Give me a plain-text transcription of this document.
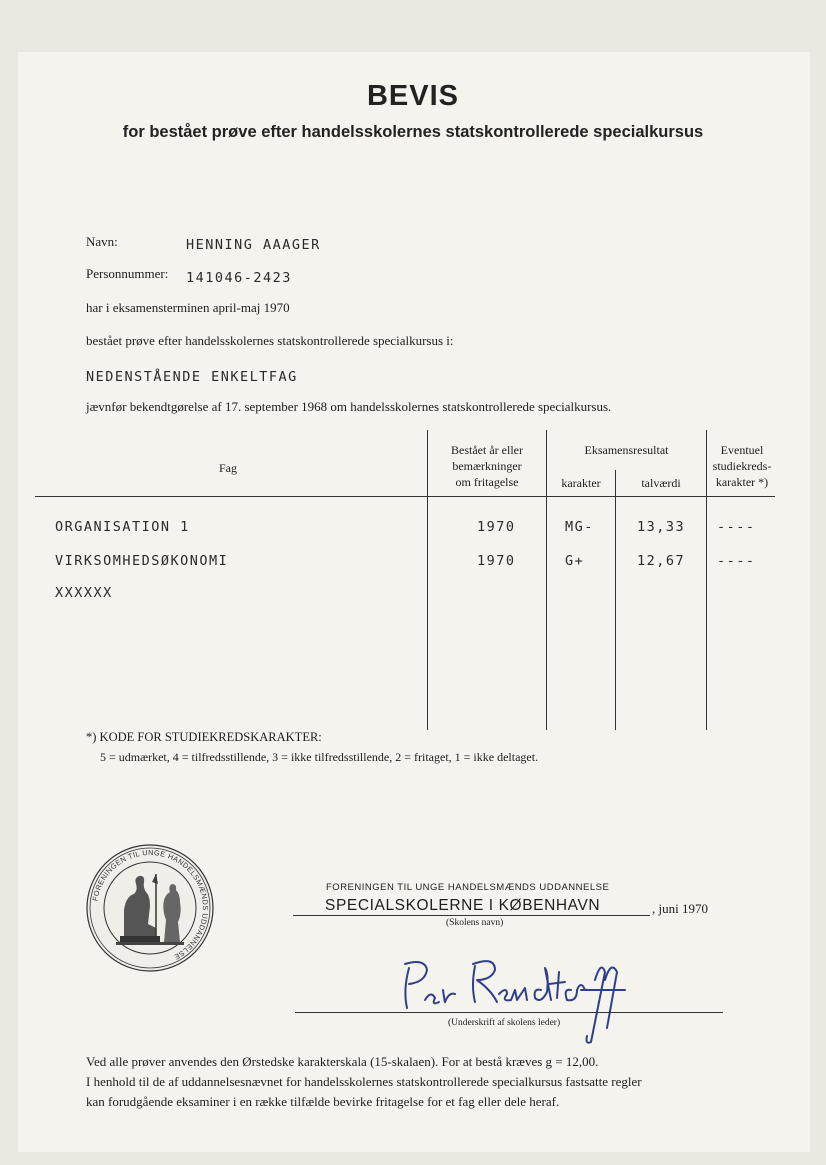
BEVIS
for bestået prøve efter handelsskolernes statskontrollerede specialkursus
Navn:	HENNING AAAGER
Personnummer: 141046-2423
har i eksamensterminen april-maj 1970
bestået prøve efter handelsskolernes statskontrollerede specialkursus i:
NEDENSTÅENDE ENKELTFAG
jævnfør bekendtgørelse af 17. september 1968 om handelsskolernes statskontrollerede specialkursus.
Fag
Bestået år eller
bemærkninger
om fritagelse
Eksamensresultat
karakter	talværdi
Eventuel
studiekreds-
karakter *)
ORGANISATION 1	1970	MG-	13,33 ----
VIRKSOMHEDSØKONOMI	1970	G+	12,67 ----
XXXXXX
*) KODE FOR STUDIEKREDSKARAKTER:
5 = udmærket, 4 = tilfredsstillende, 3 = ikke tilfredsstillende, 2 = fritaget, 1 = ikke deltaget.
FORENINGEN TIL UNGE HANDELSMÆNDS UDDANNELSE
FORENINGEN TIL UNGE HANDELSMÆNDS UDDANNELSE
SPECIALSKOLERNE I KØBENHAVN	, juni 1970
(Skolens navn)
(Underskrift af skolens leder)
Ved alle prøver anvendes den Ørstedske karakterskala (15-skalaen). For at bestå kræves g = 12,00.
I henhold til de af uddannelsesnævnet for handelsskolernes statskontrollerede specialkursus fastsatte regler
kan forudgående eksaminer i en række tilfælde bevirke fritagelse for et fag eller dele heraf.
